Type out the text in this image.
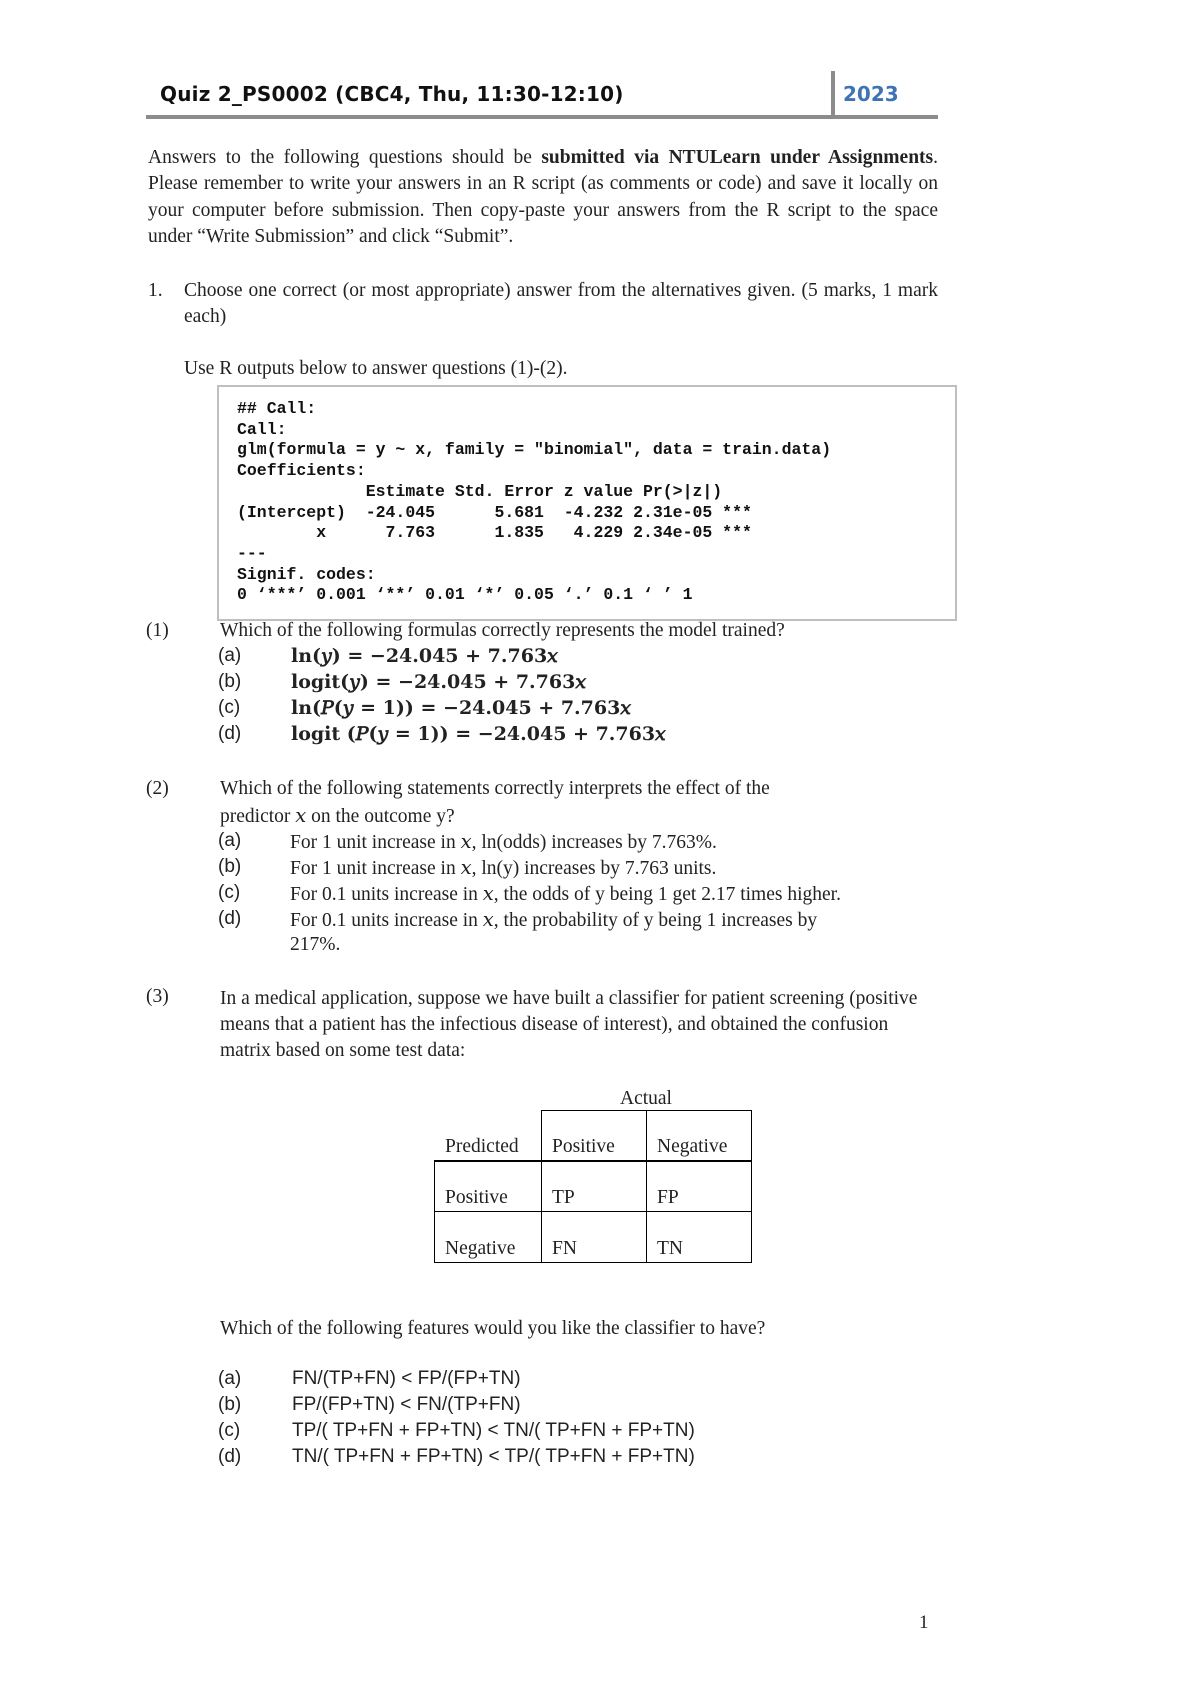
Quiz 2_PS0002 (CBC4, Thu, 11:30-12:10)	2023
Answers to the following questions should be submitted via NTULearn under Assignments. Please remember to write your answers in an R script (as comments or code) and save it locally on your computer before submission. Then copy-paste your answers from the R script to the space under “Write Submission” and click “Submit”.
1. Choose one correct (or most appropriate) answer from the alternatives given. (5 marks, 1 mark each)
Use R outputs below to answer questions (1)-(2).
## Call:
Call:
glm(formula = y ~ x, family = "binomial", data = train.data)
Coefficients:
Estimate Std. Error z value Pr(>|z|)
(Intercept)  -24.045      5.681  -4.232 2.31e-05 ***
x      7.763      1.835   4.229 2.34e-05 ***
---
Signif. codes:
0 ‘***’ 0.001 ‘**’ 0.01 ‘*’ 0.05 ‘.’ 0.1 ‘ ’ 1
(1)	Which of the following formulas correctly represents the model trained?
(a)	ln(𝑦) = −24.045 + 7.763𝑥
(b)	logit(𝑦) = −24.045 + 7.763𝑥
(c)	ln(𝑃(𝑦 = 1)) = −24.045 + 7.763𝑥
(d)	logit (𝑃(𝑦 = 1)) = −24.045 + 7.763𝑥
(2)	Which of the following statements correctly interprets the effect of the
predictor 𝑥 on the outcome y?
(a)	For 1 unit increase in 𝑥, ln(odds) increases by 7.763%.
(b)	For 1 unit increase in 𝑥, ln(y) increases by 7.763 units.
(c)	For 0.1 units increase in 𝑥, the odds of y being 1 get 2.17 times higher.
(d)	For 0.1 units increase in 𝑥, the probability of y being 1 increases by
217%.
(3)	In a medical application, suppose we have built a classifier for patient screening (positive means that a patient has the infectious disease of interest), and obtained the confusion matrix based on some test data:
Actual
Predicted Positive Negative
Positive TP	FP
Negative FN	TN
Which of the following features would you like the classifier to have?
(a)	FN/(TP+FN) < FP/(FP+TN)
(b)	FP/(FP+TN) < FN/(TP+FN)
(c)	TP/( TP+FN + FP+TN) < TN/( TP+FN + FP+TN)
(d)	TN/( TP+FN + FP+TN) < TP/( TP+FN + FP+TN)
1
